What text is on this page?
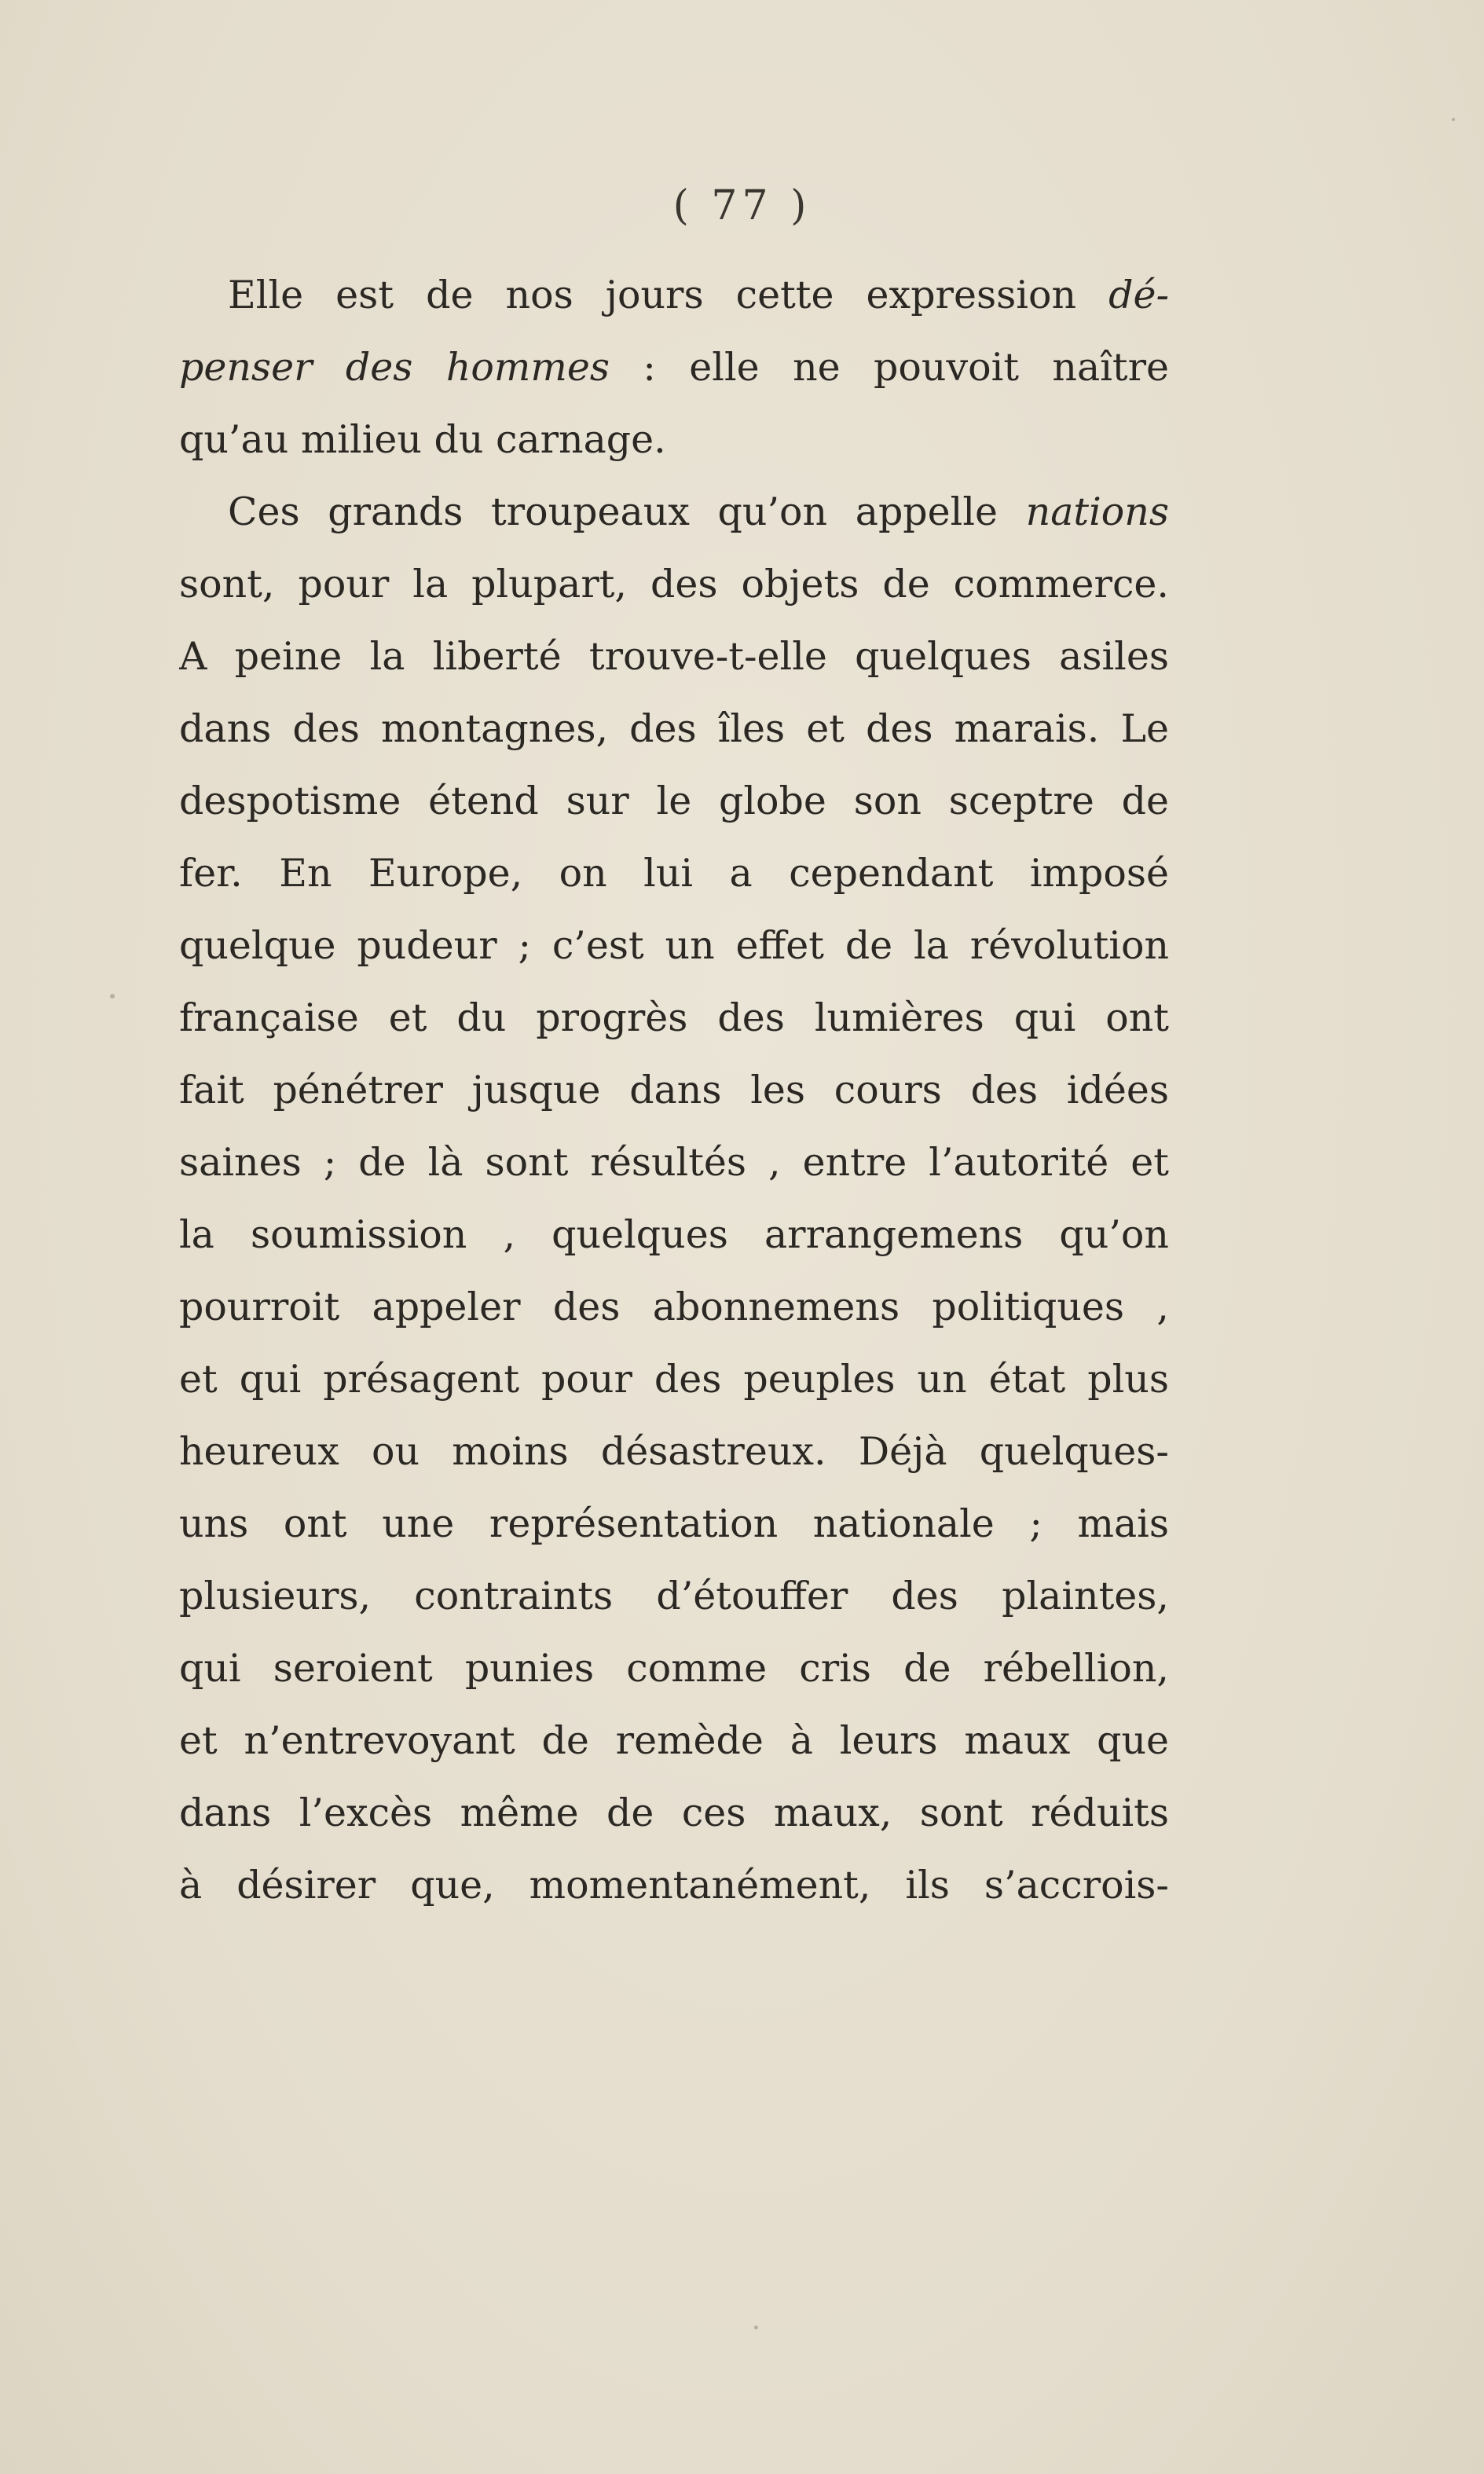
( 77 )
Elle est de nos jours cette expression dé-
penser des hommes : elle ne pouvoit naître
qu’au milieu du carnage.
Ces grands troupeaux qu’on appelle nations
sont, pour la plupart, des objets de commerce.
A peine la liberté trouve-t-elle quelques asiles
dans des montagnes, des îles et des marais. Le
despotisme étend sur le globe son sceptre de
fer. En Europe, on lui a cependant imposé
quelque pudeur ; c’est un effet de la révolution
française et du progrès des lumières qui ont
fait pénétrer jusque dans les cours des idées
saines ; de là sont résultés , entre l’autorité et
la soumission , quelques arrangemens qu’on
pourroit appeler des abonnemens politiques ,
et qui présagent pour des peuples un état plus
heureux ou moins désastreux. Déjà quelques-
uns ont une représentation nationale ; mais
plusieurs, contraints d’étouffer des plaintes,
qui seroient punies comme cris de rébellion,
et n’entrevoyant de remède à leurs maux que
dans l’excès même de ces maux, sont réduits
à désirer que, momentanément, ils s’accrois-
